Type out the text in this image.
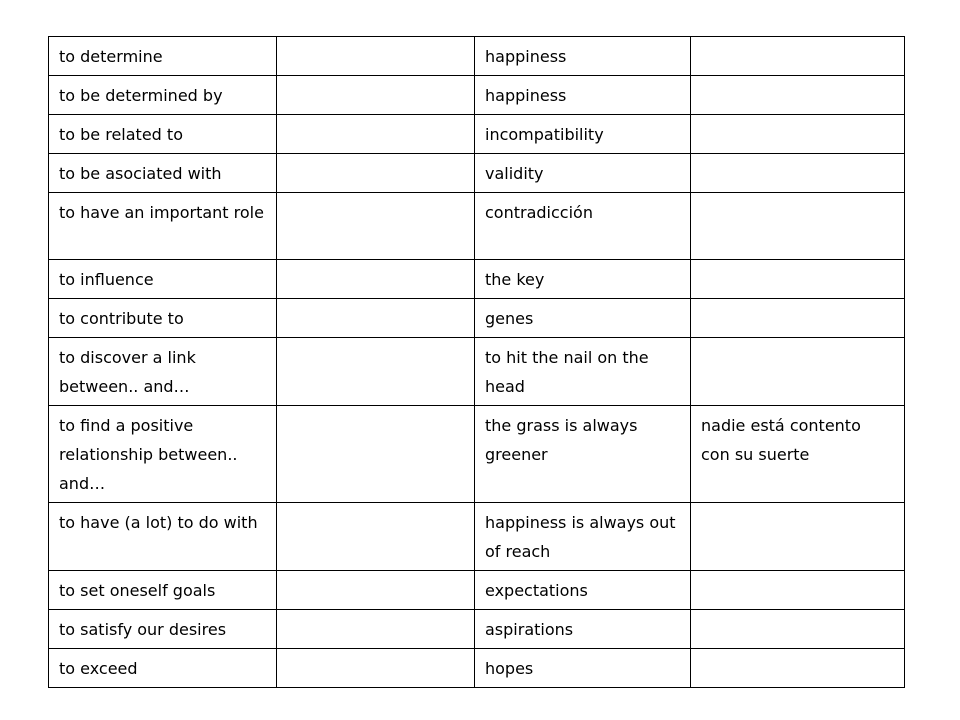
to determine		happiness	
to be determined by		happiness	
to be related to		incompatibility	
to be asociated with		validity	
to have an important role		contradicción	
to influence		the key	
to contribute to		genes	
to discover a link between.. and…		to hit the nail on the head	
to find a positive relationship between.. and…		the grass is always greener	nadie está contento con su suerte
to have (a lot) to do with		happiness is always out of reach	
to set oneself goals		expectations	
to satisfy our desires		aspirations	
to exceed		hopes	
